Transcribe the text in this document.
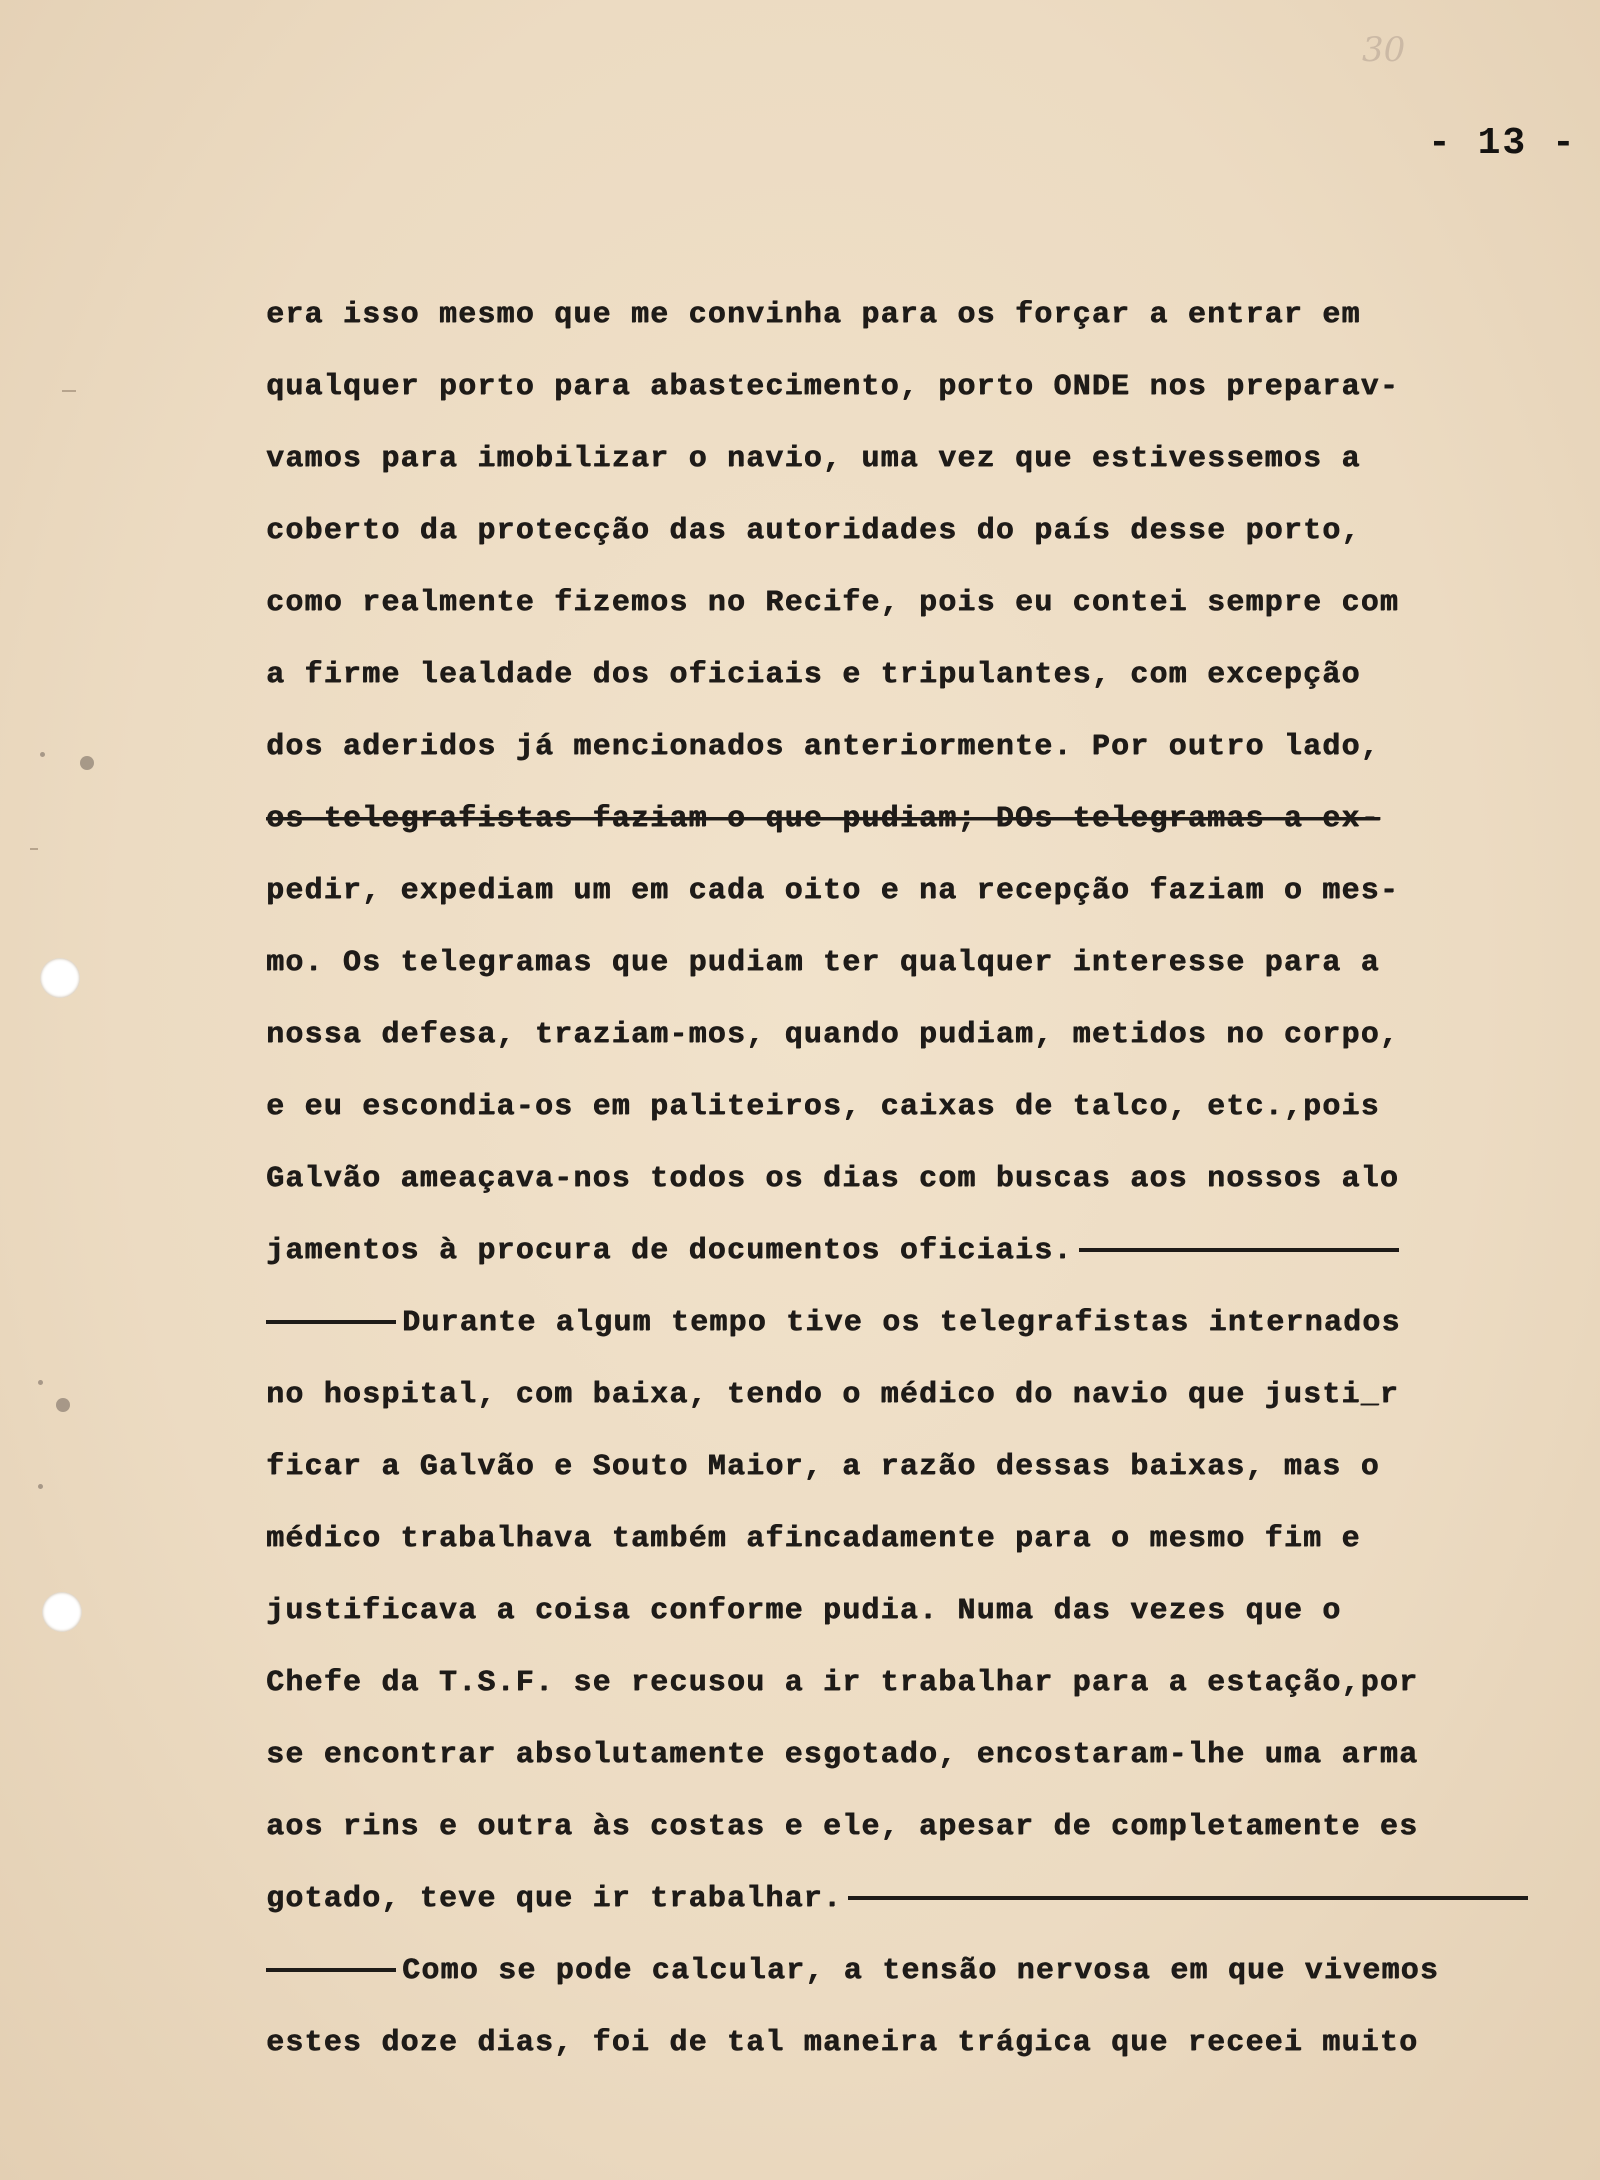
30
- 13 -
era isso mesmo que me convinha para os forçar a entrar em
qualquer porto para abastecimento, porto ONDE nos preparav-
vamos para imobilizar o navio, uma vez que estivessemos a
coberto da protecção das autoridades do país desse porto,
como realmente fizemos no Recife, pois eu contei sempre com
a firme lealdade dos oficiais e tripulantes, com excepção
dos aderidos já mencionados anteriormente. Por outro lado,
os telegrafistas faziam o que pudiam; DOs telegramas a ex-
pedir, expediam um em cada oito e na recepção faziam o mes-
mo. Os telegramas que pudiam ter qualquer interesse para a
nossa defesa, traziam-mos, quando pudiam, metidos no corpo,
e eu escondia-os em paliteiros, caixas de talco, etc.,pois
Galvão ameaçava-nos todos os dias com buscas aos nossos alo
jamentos à procura de documentos oficiais.
Durante algum tempo tive os telegrafistas internados
no hospital, com baixa, tendo o médico do navio que justi_r
ficar a Galvão e Souto Maior, a razão dessas baixas, mas o
médico trabalhava também afincadamente para o mesmo fim e
justificava a coisa conforme pudia. Numa das vezes que o
Chefe da T.S.F. se recusou a ir trabalhar para a estação,por
se encontrar absolutamente esgotado, encostaram-lhe uma arma
aos rins e outra às costas e ele, apesar de completamente es
gotado, teve que ir trabalhar.
Como se pode calcular, a tensão nervosa em que vivemos
estes doze dias, foi de tal maneira trágica que receei muito
